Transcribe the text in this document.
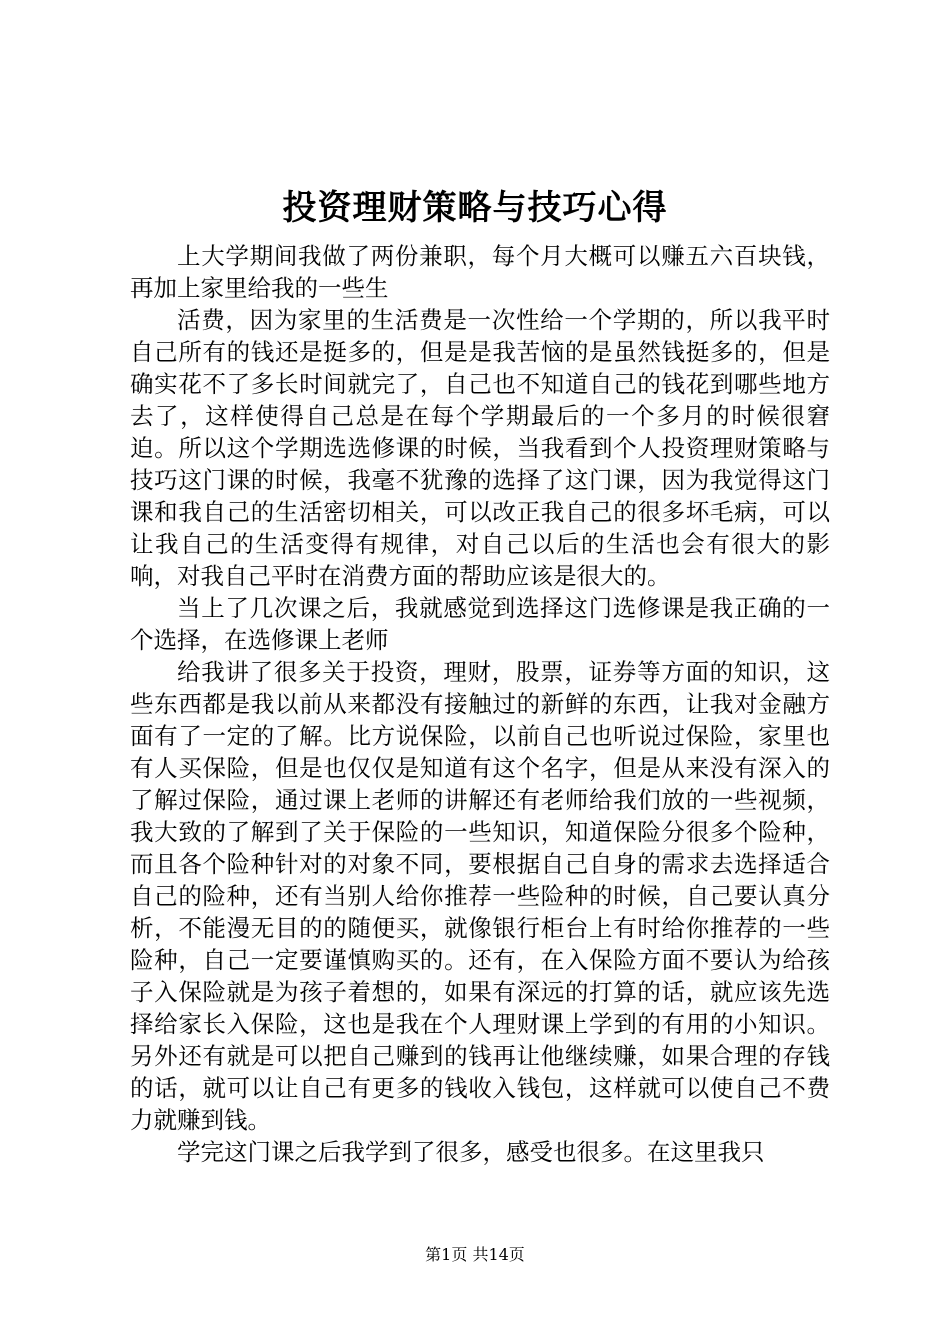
投资理财策略与技巧心得

上大学期间我做了两份兼职，每个月大概可以赚五六百块钱，再加上家里给我的一些生

活费，因为家里的生活费是一次性给一个学期的，所以我平时自己所有的钱还是挺多的，但是是我苦恼的是虽然钱挺多的，但是确实花不了多长时间就完了，自己也不知道自己的钱花到哪些地方去了，这样使得自己总是在每个学期最后的一个多月的时候很窘迫。所以这个学期选选修课的时候，当我看到个人投资理财策略与技巧这门课的时候，我毫不犹豫的选择了这门课，因为我觉得这门课和我自己的生活密切相关，可以改正我自己的很多坏毛病，可以让我自己的生活变得有规律，对自己以后的生活也会有很大的影响，对我自己平时在消费方面的帮助应该是很大的。

当上了几次课之后，我就感觉到选择这门选修课是我正确的一个选择，在选修课上老师

给我讲了很多关于投资，理财，股票，证券等方面的知识，这些东西都是我以前从来都没有接触过的新鲜的东西，让我对金融方面有了一定的了解。比方说保险，以前自己也听说过保险，家里也有人买保险，但是也仅仅是知道有这个名字，但是从来没有深入的了解过保险，通过课上老师的讲解还有老师给我们放的一些视频，我大致的了解到了关于保险的一些知识，知道保险分很多个险种，而且各个险种针对的对象不同，要根据自己自身的需求去选择适合自己的险种，还有当别人给你推荐一些险种的时候，自己要认真分析，不能漫无目的的随便买，就像银行柜台上有时给你推荐的一些险种，自己一定要谨慎购买的。还有，在入保险方面不要认为给孩子入保险就是为孩子着想的，如果有深远的打算的话，就应该先选择给家长入保险，这也是我在个人理财课上学到的有用的小知识。另外还有就是可以把自己赚到的钱再让他继续赚，如果合理的存钱的话，就可以让自己有更多的钱收入钱包，这样就可以使自己不费力就赚到钱。

学完这门课之后我学到了很多，感受也很多。在这里我只

第1页 共14页
